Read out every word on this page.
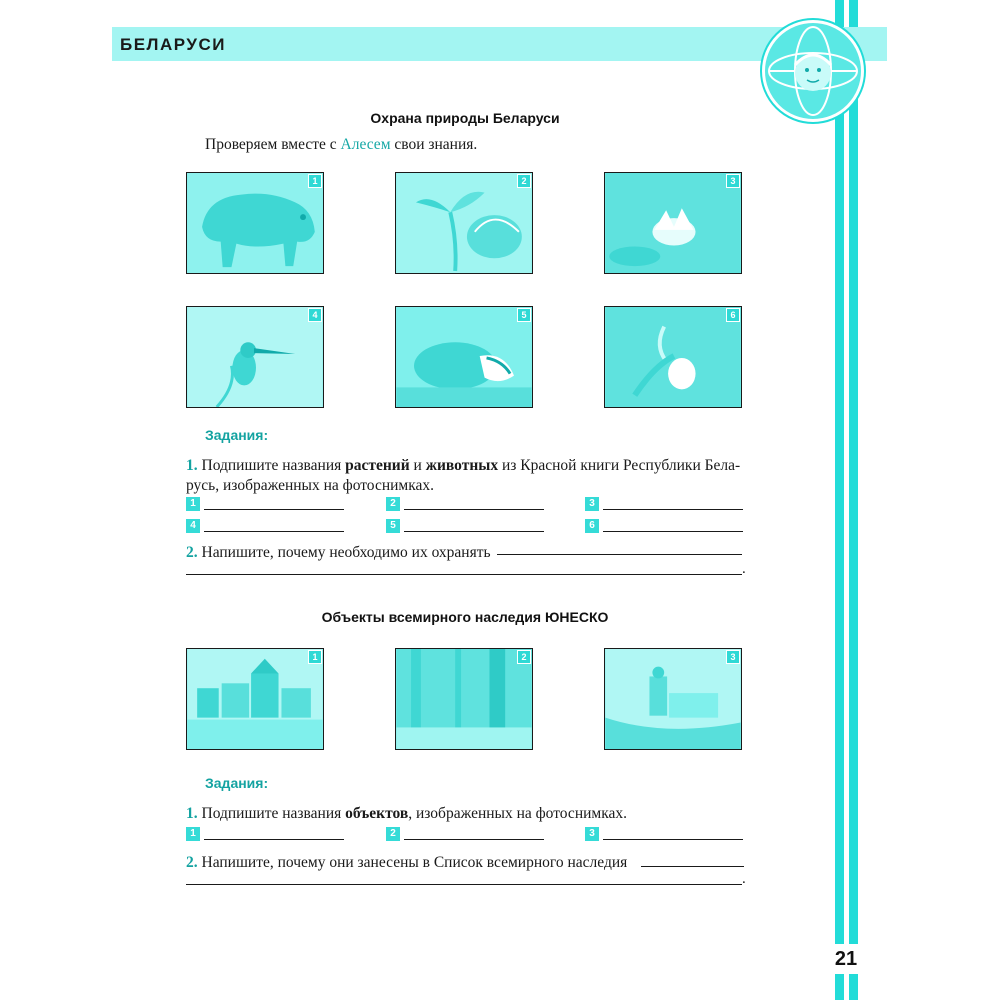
БЕЛАРУСИ
Охрана природы Беларуси
Проверяем вместе с Алесем свои знания.
1	2	3
4	5	6
Задания:
1. Подпишите названия растений и животных из Красной книги Республики Бела-
русь, изображенных на фотоснимках.
1	2	3
4	5	6
2. Напишите, почему необходимо их охранять
.
Объекты всемирного наследия ЮНЕСКО
1	2	3
Задания:
1. Подпишите названия объектов, изображенных на фотоснимках.
1	2	3
2. Напишите, почему они занесены в Список всемирного наследия
.
21
